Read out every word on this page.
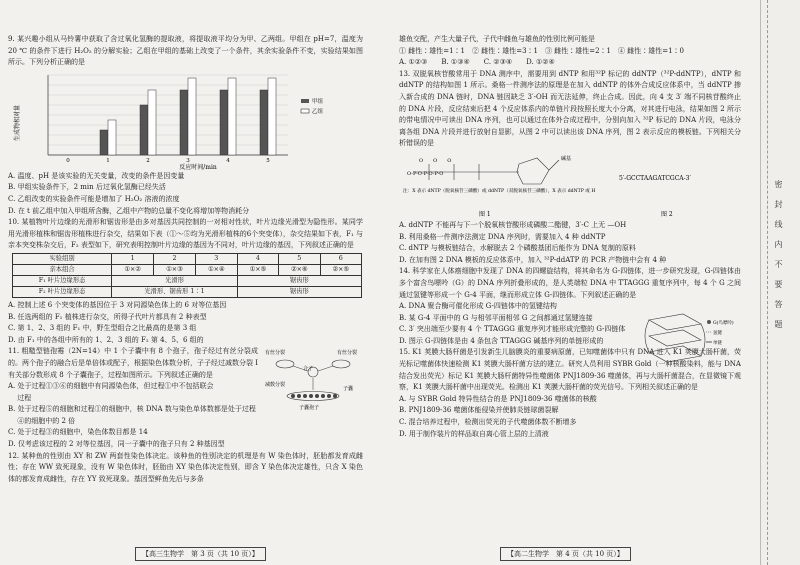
9. 某兴趣小组从马铃薯中获取了含过氧化氢酶的提取液，将提取液平均分为甲、乙两组。甲组在 pH=7，温度为 20 ℃ 的条件下进行 H₂O₂ 的分解实验；乙组在甲组的基础上改变了一个条件，其余实验条件不变，实验结果如图所示。下列分析正确的是

生成物相对量
0	1	2	3	4	5
反应时间/min
甲组
乙组

A. 温度、pH 是该实验的无关变量，改变的条件是因变量

B. 甲组实验条件下，2 min 后过氧化氢酶已经失活

C. 乙组改变的实验条件可能是增加了 H₂O₂ 溶液的浓度

D. 在 t 前乙组中加入甲组所含酶，乙组中产物的总量不变化将增加等物消耗分

10. 某植物叶片边缘的光滑形和锯齿形是由多对基因共同控制的一对相对性状，叶片边缘光滑型为隐性形。某同学用光滑形植株和锯齿形植株进行杂交，结果如下表（①～⑤均为光滑形植株的6个突变体），杂交结果如下表，F₁ 与亲本突变株杂交后，F₂ 表型如下，研究表明控制叶片边缘的基因为不同对，叶片边缘的基因，下列叙述正确的是

实验组别	1	2	3	4	5	6
亲本组合	①×②	①×③	①×④	①×⑤	②×⑥	②×⑤
F₁ 叶片边缘形态	光滑形			锯齿形		
F₂ 叶片边缘形态	光滑形、锯齿形 1∶1			锯齿形		

A. 控制上述 6 个突变体的基因位于 3 对同源染色体上的 6 对等位基因

B. 任选两组的 F₁ 植株进行杂交，所得子代叶片都具有 2 种表型

C. 第 1、2、3 组的 F₁ 中，野生型组合之比最高的是第 3 组

D. 由 F₁ 中的各组中所有的 1、2、3 组的 F₂ 第 4、5、6 组的

11. 粗糙型链孢霉（2N=14）中 1 个子囊中有 8 个孢子，孢子经过有丝分裂成的。两个孢子的融合后是单倍体或配子，根据染色体数分析，子子经过减数分裂 I 有关部分数形成 8 个子囊孢子，过程如图所示。下列叙述正确的是

有丝分裂
合子
减数分裂
子囊
子囊孢子
有丝分裂

A. 处于过程①③⑥的细胞中有同源染色体，但过程①中不包括联会

　 过程

B. 处于过程⑤的细胞和过程①的细胞中，核 DNA 数与染色单体数都是处于过程

　 ④的细胞中的 2 倍

C. 处于过程③的细胞中，染色体数目都是 14

D. 仅考虑该过程的 2 对等位基因，同一子囊中的孢子只有 2 种基因型

12. 某种鱼的性别由 XY 和 ZW 两套性染色体决定。该种鱼的性别决定的机理是有 W 染色体时，胚胎都发育成雌性；存在 WW 致死现象，没有 W 染色体时，胚胎由 XY 染色体决定性别，即含 Y 染色体决定雄性，只含 X 染色体的都发育成雌性，存在 YY 致死现象。基因型鲜鱼先后与多条

雄鱼交配，产生大量子代，子代中雌鱼与雄鱼的性别比例可能是

① 雌性∶雄性=1∶1　② 雌性∶雄性=3∶1　③ 雌性∶雄性=2∶1　④ 雌性∶雄性=1∶0

A. ①②③　　B. ①③④　　C. ②③④　　D. ①②④

13. 双脱氧核苷酸常用于 DNA 测序中，需要用到 dNTP 和用³²P 标记的 ddNTP（³²P-ddNTP），dNTP 和 ddNTP 的结构如图 1 所示。桑格一件测序法的原理是在加入 ddNTP 的体外合成反应体系中，当 ddNTP 掺入新合成的 DNA 链时，DNA 链因缺乏 3′-OH 而无法延伸，终止合成。因此，向 4 支 3′ 端不同核苷酸终止的 DNA 片段，反应结束后把 4 个反应体系内的单链片段按照长度大小分离，对其进行电泳，结果如图 2 所示的带电情况中可读出 DNA 序列，也可以通过在体外合成过程中，分别向加入 ³²P 标记的 DNA 片段，电泳分离各组 DNA 片段并进行放射自显影，从图 2 中可以读出该 DNA 序列，图 2 表示反应的模板链。下列相关分析错误的是

O　　O　　O
O-P-O-P-O-P-O
碱基
注：X 表示 dNTP（脱氧核苷三磷酸）或 ddNTP（双脱氧核苷三磷酸），X 表示 ddNTP 或 H
图 1
5′-GCCTAAGATCGCA-3′
图 2

A. ddNTP 不能再与下一个脱氧核苷酸形成磷酸二酯键，3′-C 上无 —OH

B. 利用桑格一件测序法测定 DNA 序列时，需要加入 4 种 ddNTP

C. dNTP 与模板链结合，水解脱去 2 个磷酸基团后能作为 DNA 复制的原料

D. 在加有图 2 DNA 模板的反应体系中，加入 ³²P-ddATP 的 PCR 产物链中会有 4 种

14. 科学家在人体癌细胞中发现了 DNA 的四螺旋结构，将其命名为 G-四链体，进一步研究发现，G-四链体由多个富含鸟嘌呤（G）的 DNA 序列折叠形成的，是人类端粒 DNA 中 TTAGGG 重复序列中，每 4 个 G 之间通过氢键等形成一个 G-4 平面，继而形成立体 G-四链体。下列叙述正确的是

A. DNA 聚合酶可催化形成 G-四链体中的氢键结构

B. 某 G-4 平面中的 G 与相邻平面相邻 G 之间都通过氢键连接

C. 3′ 突出端至少要有 4 个 TTAGGG 重复序列才能形成完整的 G-四链体

D. 图示 G-四链体是由 4 条包含 TTAGGG 碱基序列的单链形成的

G(鸟嘌呤)
氢键
单链

15. K1 荚膜大肠杆菌是引发新生儿脑膜炎的重要病原菌，已知噬菌体中只有 DNA 进入 K1 荚膜大肠杆菌，荧光标记噬菌体快速检测 K1 荚膜大肠杆菌方法的建立。研究人员利用 SYBR Gold（一种核酸染料，能与 DNA 结合发出荧光）标记 K1 荚膜大肠杆菌特异性噬菌体 PNJ1809-36 噬菌体，再与大肠杆菌混合，在显微镜下观察，K1 荚膜大肠杆菌中出现荧光。检测出 K1 荚膜大肠杆菌的荧光信号。下列相关叙述正确的是

A. 与 SYBR Gold 特异性结合的是 PNJ1809-36 噬菌体的核酸

B. PNJ1809-36 噬菌体能侵染并使肺炎链球菌裂解

C. 混合培养过程中，检测出荧光的子代噬菌体数不断增多

D. 用于制作装片的样品取自离心管上层的上清液

【高三生物学　第 3 页（共 10 页）】	【高二生物学　第 4 页（共 10 页）】
密　封　线　内　不　要　答　题
